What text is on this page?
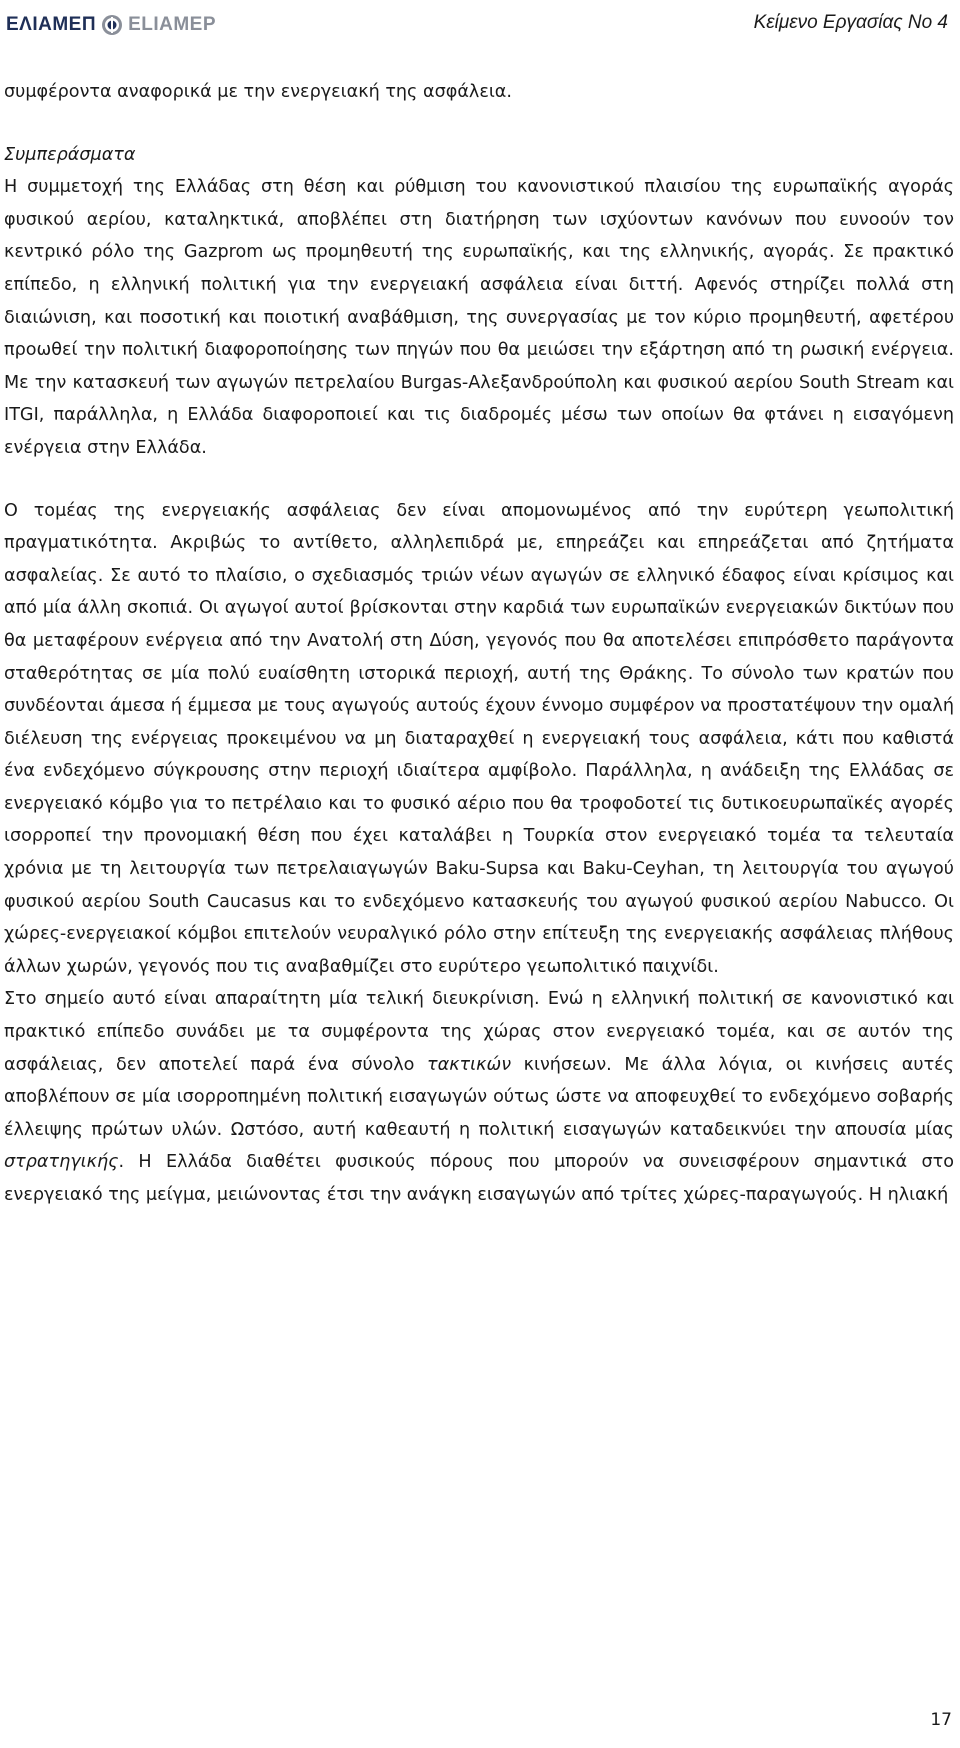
ΕΛΙΑΜΕΠ ΕLIAMEP	Κείμενο Εργασίας Νο 4

συμφέροντα αναφορικά με την ενεργειακή της ασφάλεια.

Συμπεράσματα

Η συμμετοχή της Ελλάδας στη θέση και ρύθμιση του κανονιστικού πλαισίου της ευρωπαϊκής αγοράς φυσικού αερίου, καταληκτικά, αποβλέπει στη διατήρηση των ισχύοντων κανόνων που ευνοούν τον κεντρικό ρόλο της Gazprom ως προμηθευτή της ευρωπαϊκής, και της ελληνικής, αγοράς. Σε πρακτικό επίπεδο, η ελληνική πολιτική για την ενεργειακή ασφάλεια είναι διττή. Αφενός στηρίζει πολλά στη διαιώνιση, και ποσοτική και ποιοτική αναβάθμιση, της συνεργασίας με τον κύριο προμηθευτή, αφετέρου προωθεί την πολιτική διαφοροποίησης των πηγών που θα μειώσει την εξάρτηση από τη ρωσική ενέργεια. Με την κατασκευή των αγωγών πετρελαίου Burgas-Αλεξανδρούπολη και φυσικού αερίου South Stream και ITGI, παράλληλα, η Ελλάδα διαφοροποιεί και τις διαδρομές μέσω των οποίων θα φτάνει η εισαγόμενη ενέργεια στην Ελλάδα.

Ο τομέας της ενεργειακής ασφάλειας δεν είναι απομονωμένος από την ευρύτερη γεωπολιτική πραγματικότητα. Ακριβώς το αντίθετο, αλληλεπιδρά με, επηρεάζει και επηρεάζεται από ζητήματα ασφαλείας. Σε αυτό το πλαίσιο, ο σχεδιασμός τριών νέων αγωγών σε ελληνικό έδαφος είναι κρίσιμος και από μία άλλη σκοπιά. Οι αγωγοί αυτοί βρίσκονται στην καρδιά των ευρωπαϊκών ενεργειακών δικτύων που θα μεταφέρουν ενέργεια από την Ανατολή στη Δύση, γεγονός που θα αποτελέσει επιπρόσθετο παράγοντα σταθερότητας σε μία πολύ ευαίσθητη ιστορικά περιοχή, αυτή της Θράκης. Το σύνολο των κρατών που συνδέονται άμεσα ή έμμεσα με τους αγωγούς αυτούς έχουν έννομο συμφέρον να προστατέψουν την ομαλή διέλευση της ενέργειας προκειμένου να μη διαταραχθεί η ενεργειακή τους ασφάλεια, κάτι που καθιστά ένα ενδεχόμενο σύγκρουσης στην περιοχή ιδιαίτερα αμφίβολο. Παράλληλα, η ανάδειξη της Ελλάδας σε ενεργειακό κόμβο για το πετρέλαιο και το φυσικό αέριο που θα τροφοδοτεί τις δυτικοευρωπαϊκές αγορές ισορροπεί την προνομιακή θέση που έχει καταλάβει η Τουρκία στον ενεργειακό τομέα τα τελευταία χρόνια με τη λειτουργία των πετρελαιαγωγών Baku-Supsa και Baku-Ceyhan, τη λειτουργία του αγωγού φυσικού αερίου South Caucasus και το ενδεχόμενο κατασκευής του αγωγού φυσικού αερίου Nabucco. Οι χώρες-ενεργειακοί κόμβοι επιτελούν νευραλγικό ρόλο στην επίτευξη της ενεργειακής ασφάλειας πλήθους άλλων χωρών, γεγονός που τις αναβαθμίζει στο ευρύτερο γεωπολιτικό παιχνίδι.

Στο σημείο αυτό είναι απαραίτητη μία τελική διευκρίνιση. Ενώ η ελληνική πολιτική σε κανονιστικό και πρακτικό επίπεδο συνάδει με τα συμφέροντα της χώρας στον ενεργειακό τομέα, και σε αυτόν της ασφάλειας, δεν αποτελεί παρά ένα σύνολο τακτικών κινήσεων. Με άλλα λόγια, οι κινήσεις αυτές αποβλέπουν σε μία ισορροπημένη πολιτική εισαγωγών ούτως ώστε να αποφευχθεί το ενδεχόμενο σοβαρής έλλειψης πρώτων υλών. Ωστόσο, αυτή καθεαυτή η πολιτική εισαγωγών καταδεικνύει την απουσία μίας στρατηγικής. Η Ελλάδα διαθέτει φυσικούς πόρους που μπορούν να συνεισφέρουν σημαντικά στο ενεργειακό της μείγμα, μειώνοντας έτσι την ανάγκη εισαγωγών από τρίτες χώρες-παραγωγούς. Η ηλιακή

17
